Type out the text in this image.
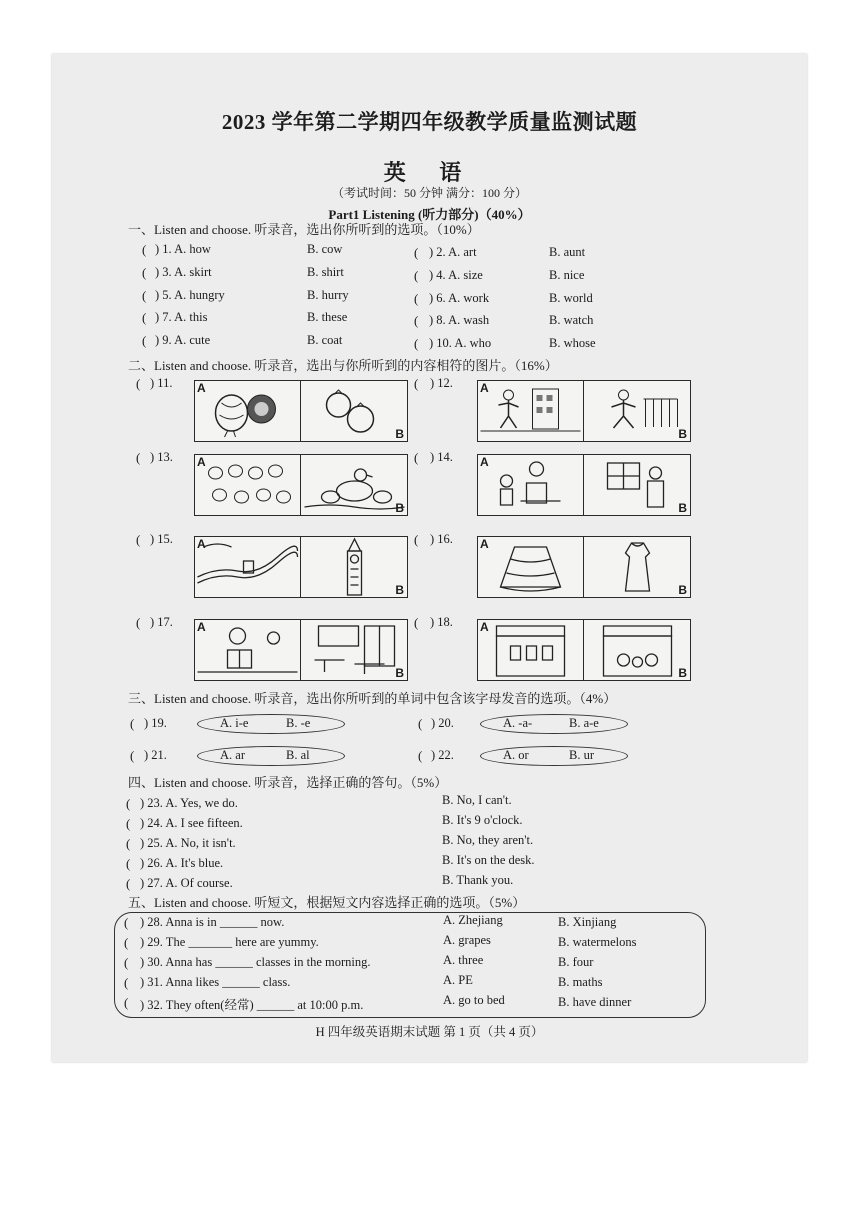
2023 学年第二学期四年级教学质量监测试题
英 语
（考试时间：50 分钟 满分：100 分）
Part1 Listening (听力部分)（40%）
一、Listen and choose. 听录音，选出你所听到的选项。（10%）
( ) 1. A. how	B. cow	( ) 2. A. art	B. aunt
( ) 3. A. skirt	B. shirt	( ) 4. A. size	B. nice
( ) 5. A. hungry	B. hurry	( ) 6. A. work	B. world
( ) 7. A. this	B. these	( ) 8. A. wash	B. watch
( ) 9. A. cute	B. coat	( ) 10. A. who	B. whose
二、Listen and choose. 听录音，选出与你所听到的内容相符的图片。（16%）
( ) 11. A
B
( ) 12. A
B
( ) 13. A
B
( ) 14. A
B
( ) 15. A
B
( ) 16. A
B
( ) 17. A
B
( ) 18. A
B
三、Listen and choose. 听录音，选出你所听到的单词中包含该字母发音的选项。（4%）
( ) 19.	A. i-e	B. -e	( ) 20.	A. -a-	B. a-e
( ) 21.	A. ar	B. al	( ) 22.	A. or	B. ur
四、Listen and choose. 听录音，选择正确的答句。（5%）
( ) 23. A. Yes, we do.	B. No, I can't.
( ) 24. A. I see fifteen.	B. It's 9 o'clock.
( ) 25. A. No, it isn't.	B. No, they aren't.
( ) 26. A. It's blue.	B. It's on the desk.
( ) 27. A. Of course.	B. Thank you.
五、Listen and choose. 听短文，根据短文内容选择正确的选项。（5%）
( ) 28. Anna is in ______ now.	A. Zhejiang	B. Xinjiang
( ) 29. The _______ here are yummy.	A. grapes	B. watermelons
( ) 30. Anna has ______ classes in the morning.	A. three	B. four
( ) 31. Anna likes ______ class.	A. PE	B. maths
( ) 32. They often(经常) ______ at 10:00 p.m.	A. go to bed	B. have dinner
H 四年级英语期末试题 第 1 页（共 4 页）
